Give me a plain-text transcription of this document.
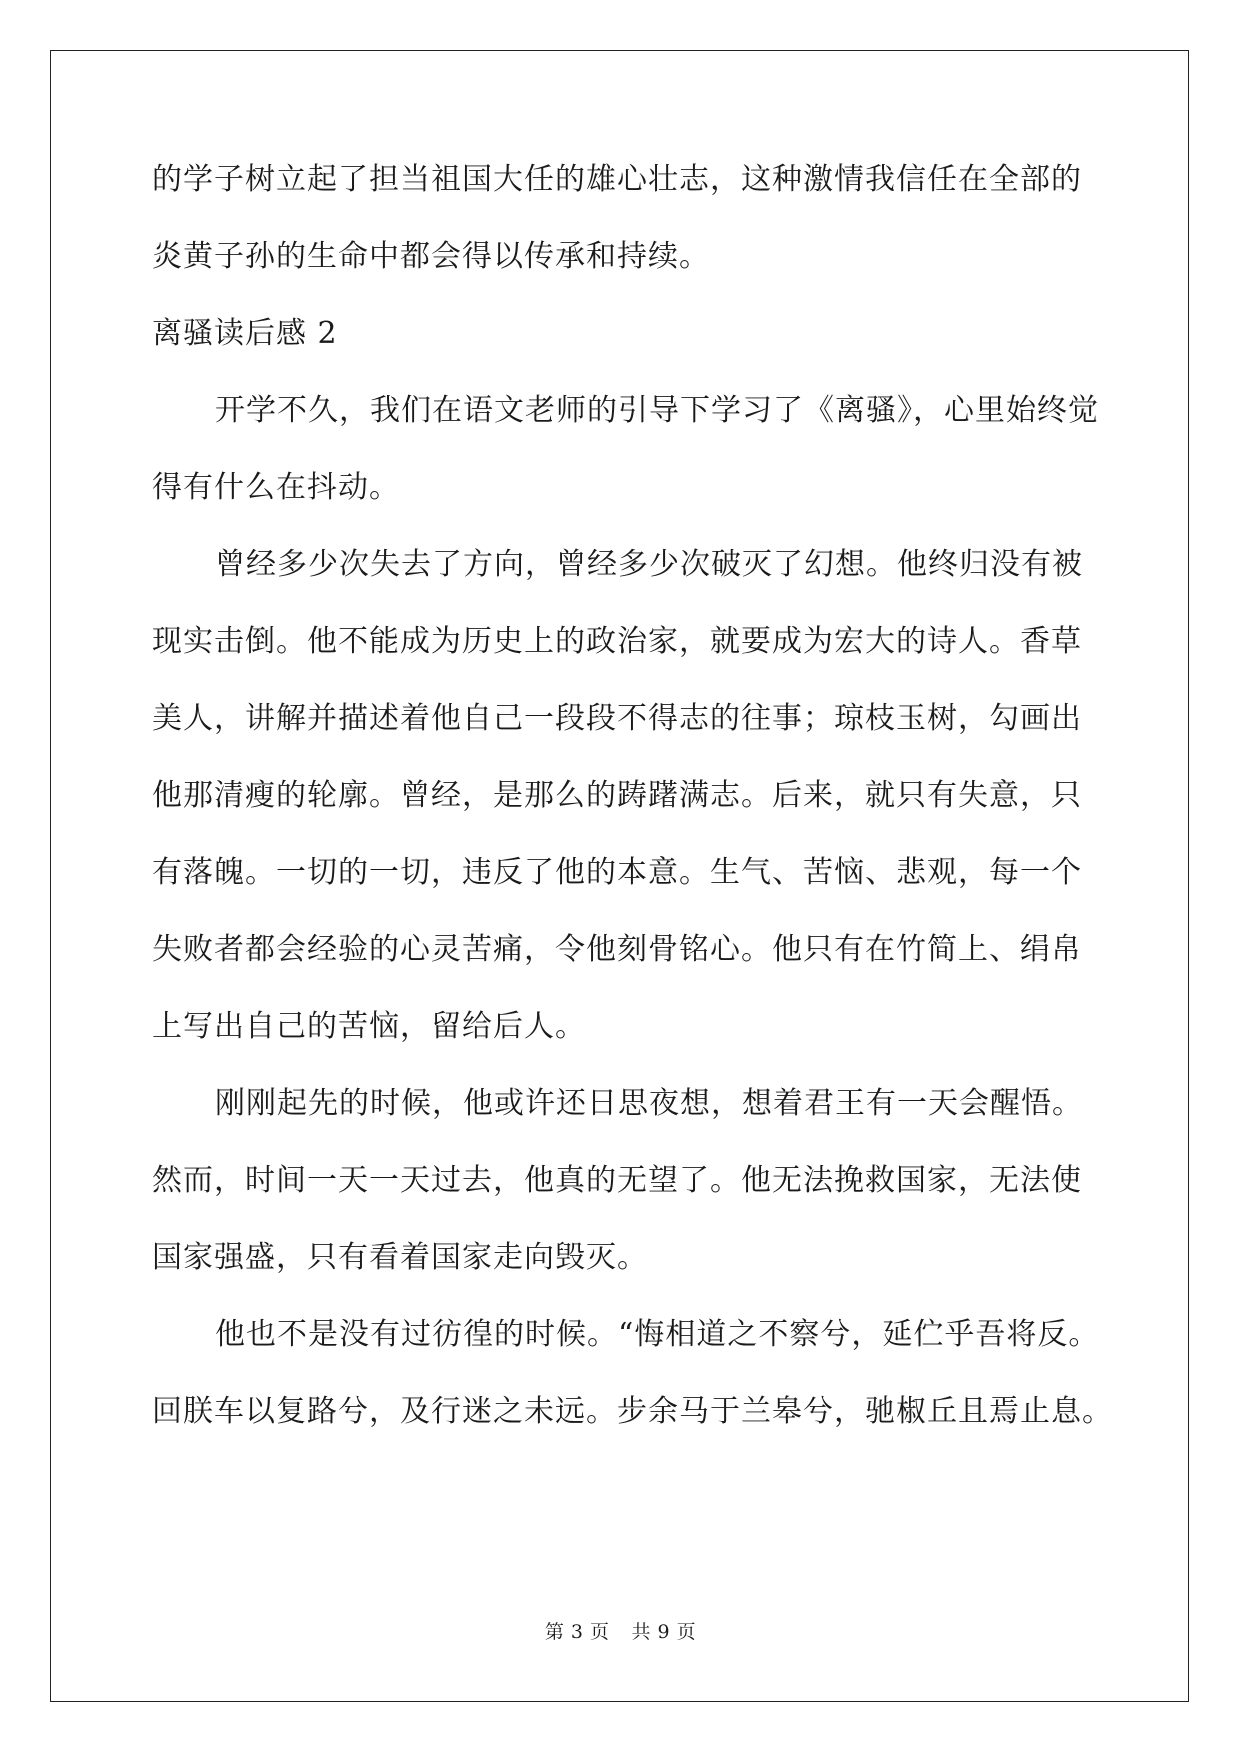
的学子树立起了担当祖国大任的雄心壮志，这种激情我信任在全部的

炎黄子孙的生命中都会得以传承和持续。

离骚读后感 2

开学不久，我们在语文老师的引导下学习了《离骚》，心里始终觉

得有什么在抖动。

曾经多少次失去了方向，曾经多少次破灭了幻想。他终归没有被

现实击倒。他不能成为历史上的政治家，就要成为宏大的诗人。香草

美人，讲解并描述着他自己一段段不得志的往事；琼枝玉树，勾画出

他那清瘦的轮廓。曾经，是那么的踌躇满志。后来，就只有失意，只

有落魄。一切的一切，违反了他的本意。生气、苦恼、悲观，每一个

失败者都会经验的心灵苦痛，令他刻骨铭心。他只有在竹简上、绢帛

上写出自己的苦恼，留给后人。

刚刚起先的时候，他或许还日思夜想，想着君王有一天会醒悟。

然而，时间一天一天过去，他真的无望了。他无法挽救国家，无法使

国家强盛，只有看着国家走向毁灭。

他也不是没有过彷徨的时候。“悔相道之不察兮，延伫乎吾将反。

回朕车以复路兮，及行迷之未远。步余马于兰皋兮，驰椒丘且焉止息。

第 3 页 共 9 页
